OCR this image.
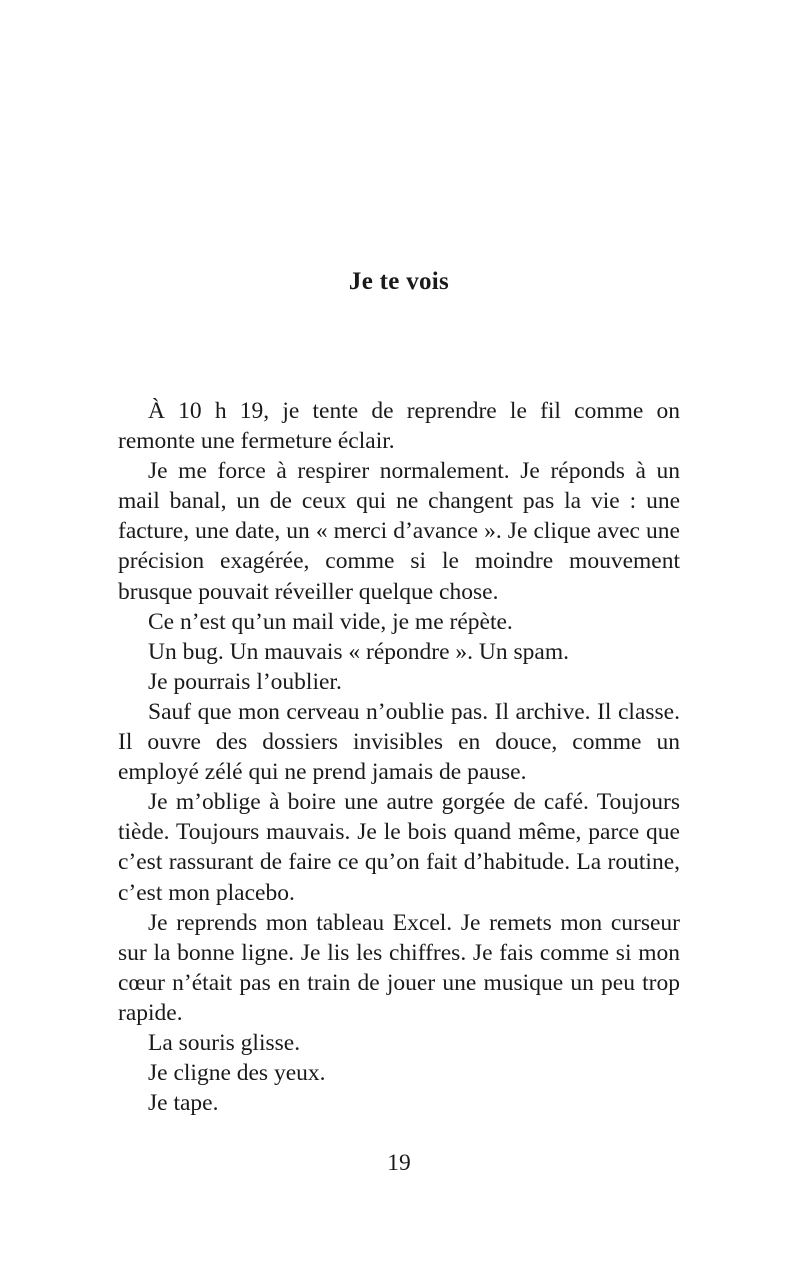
Je te vois

À 10 h 19, je tente de reprendre le fil comme on remonte une fermeture éclair.

Je me force à respirer normalement. Je réponds à un mail banal, un de ceux qui ne changent pas la vie : une facture, une date, un « merci d’avance ». Je clique avec une précision exagérée, comme si le moindre mouvement brusque pouvait réveiller quelque chose.

Ce n’est qu’un mail vide, je me répète.

Un bug. Un mauvais « répondre ». Un spam.

Je pourrais l’oublier.

Sauf que mon cerveau n’oublie pas. Il archive. Il classe. Il ouvre des dossiers invisibles en douce, comme un employé zélé qui ne prend jamais de pause.

Je m’oblige à boire une autre gorgée de café. Toujours tiède. Toujours mauvais. Je le bois quand même, parce que c’est rassurant de faire ce qu’on fait d’habitude. La routine, c’est mon placebo.

Je reprends mon tableau Excel. Je remets mon curseur sur la bonne ligne. Je lis les chiffres. Je fais comme si mon cœur n’était pas en train de jouer une musique un peu trop rapide.

La souris glisse.

Je cligne des yeux.

Je tape.

19
